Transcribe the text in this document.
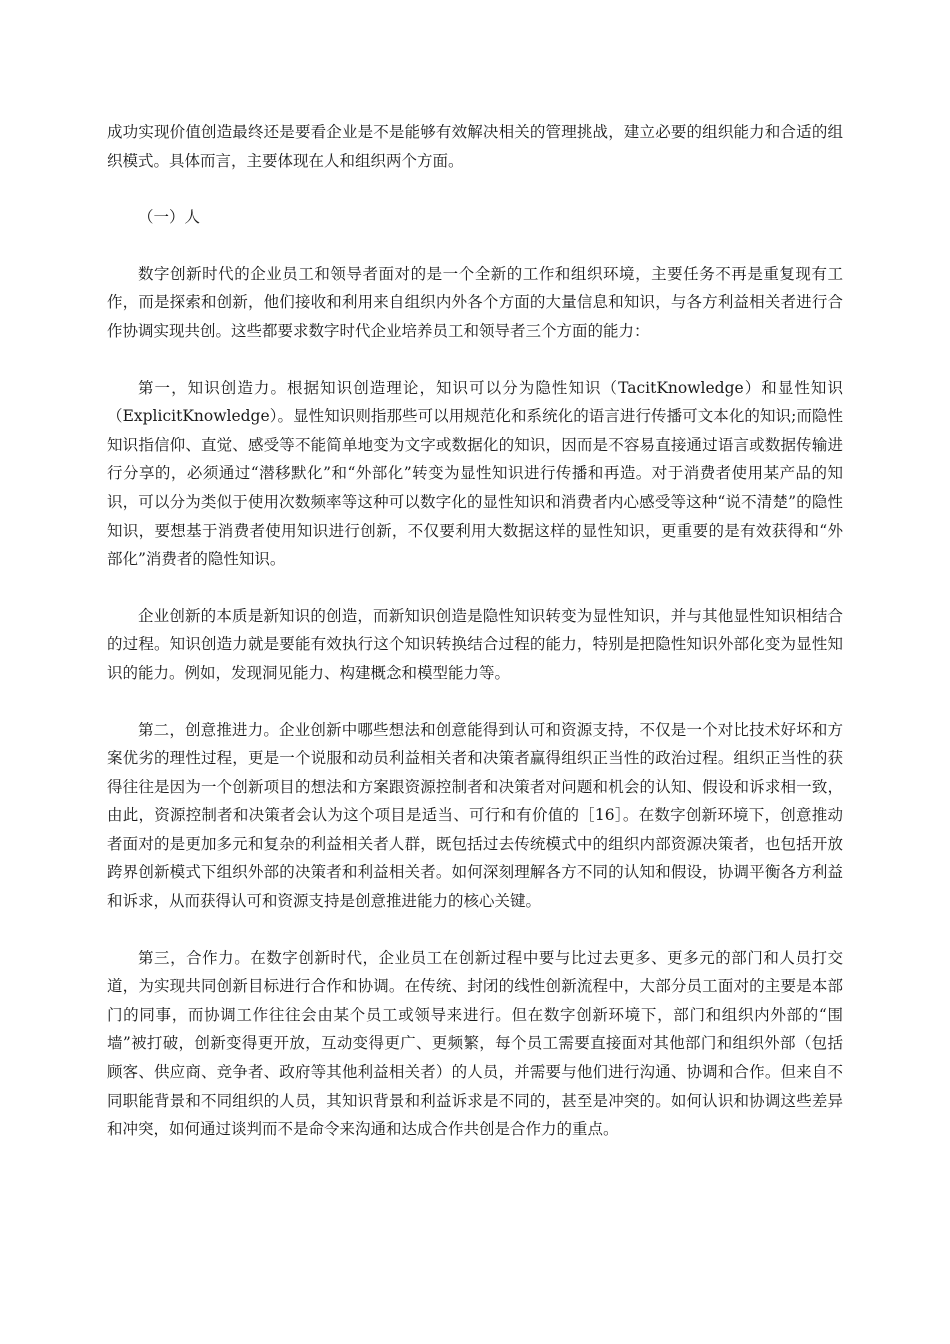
成功实现价值创造最终还是要看企业是不是能够有效解决相关的管理挑战，建立必要的组织能力和合适的组织模式。具体而言，主要体现在人和组织两个方面。

（一）人

数字创新时代的企业员工和领导者面对的是一个全新的工作和组织环境，主要任务不再是重复现有工作，而是探索和创新，他们接收和利用来自组织内外各个方面的大量信息和知识，与各方利益相关者进行合作协调实现共创。这些都要求数字时代企业培养员工和领导者三个方面的能力：

第一，知识创造力。根据知识创造理论，知识可以分为隐性知识（TacitKnowledge）和显性知识（ExplicitKnowledge）。显性知识则指那些可以用规范化和系统化的语言进行传播可文本化的知识;而隐性知识指信仰、直觉、感受等不能简单地变为文字或数据化的知识，因而是不容易直接通过语言或数据传输进行分享的，必须通过“潜移默化”和“外部化”转变为显性知识进行传播和再造。对于消费者使用某产品的知识，可以分为类似于使用次数频率等这种可以数字化的显性知识和消费者内心感受等这种“说不清楚”的隐性知识，要想基于消费者使用知识进行创新，不仅要利用大数据这样的显性知识，更重要的是有效获得和“外部化”消费者的隐性知识。

企业创新的本质是新知识的创造，而新知识创造是隐性知识转变为显性知识，并与其他显性知识相结合的过程。知识创造力就是要能有效执行这个知识转换结合过程的能力，特别是把隐性知识外部化变为显性知识的能力。例如，发现洞见能力、构建概念和模型能力等。

第二，创意推进力。企业创新中哪些想法和创意能得到认可和资源支持，不仅是一个对比技术好坏和方案优劣的理性过程，更是一个说服和动员利益相关者和决策者赢得组织正当性的政治过程。组织正当性的获得往往是因为一个创新项目的想法和方案跟资源控制者和决策者对问题和机会的认知、假设和诉求相一致，由此，资源控制者和决策者会认为这个项目是适当、可行和有价值的［16］。在数字创新环境下，创意推动者面对的是更加多元和复杂的利益相关者人群，既包括过去传统模式中的组织内部资源决策者，也包括开放跨界创新模式下组织外部的决策者和利益相关者。如何深刻理解各方不同的认知和假设，协调平衡各方利益和诉求，从而获得认可和资源支持是创意推进能力的核心关键。

第三，合作力。在数字创新时代，企业员工在创新过程中要与比过去更多、更多元的部门和人员打交道，为实现共同创新目标进行合作和协调。在传统、封闭的线性创新流程中，大部分员工面对的主要是本部门的同事，而协调工作往往会由某个员工或领导来进行。但在数字创新环境下，部门和组织内外部的“围墙”被打破，创新变得更开放，互动变得更广、更频繁，每个员工需要直接面对其他部门和组织外部（包括顾客、供应商、竞争者、政府等其他利益相关者）的人员，并需要与他们进行沟通、协调和合作。但来自不同职能背景和不同组织的人员，其知识背景和利益诉求是不同的，甚至是冲突的。如何认识和协调这些差异和冲突，如何通过谈判而不是命令来沟通和达成合作共创是合作力的重点。
